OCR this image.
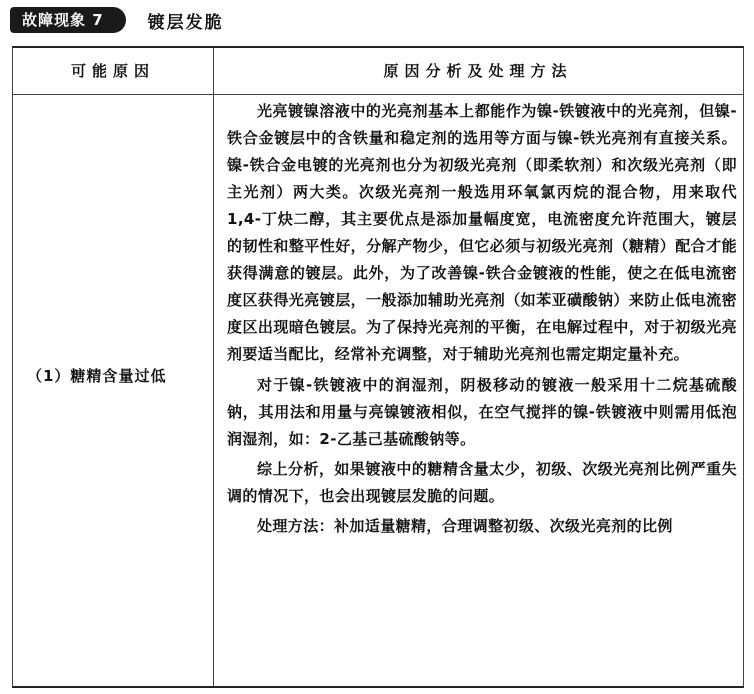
故障现象 7	镀层发脆
可能原因	原因分析及处理方法
（1）糖精含量过低

光亮镀镍溶液中的光亮剂基本上都能作为镍-铁镀液中的光亮剂，但镍-铁合金镀层中的含铁量和稳定剂的选用等方面与镍-铁光亮剂有直接关系。镍-铁合金电镀的光亮剂也分为初级光亮剂（即柔软剂）和次级光亮剂（即主光剂）两大类。次级光亮剂一般选用环氧氯丙烷的混合物，用来取代 1,4-丁炔二醇，其主要优点是添加量幅度宽，电流密度允许范围大，镀层的韧性和整平性好，分解产物少，但它必须与初级光亮剂（糖精）配合才能获得满意的镀层。此外，为了改善镍-铁合金镀液的性能，使之在低电流密度区获得光亮镀层，一般添加辅助光亮剂（如苯亚磺酸钠）来防止低电流密度区出现暗色镀层。为了保持光亮剂的平衡，在电解过程中，对于初级光亮剂要适当配比，经常补充调整，对于辅助光亮剂也需定期定量补充。

对于镍-铁镀液中的润湿剂，阴极移动的镀液一般采用十二烷基硫酸钠，其用法和用量与亮镍镀液相似，在空气搅拌的镍-铁镀液中则需用低泡润湿剂，如：2-乙基己基硫酸钠等。

综上分析，如果镀液中的糖精含量太少，初级、次级光亮剂比例严重失调的情况下，也会出现镀层发脆的问题。

处理方法：补加适量糖精，合理调整初级、次级光亮剂的比例
